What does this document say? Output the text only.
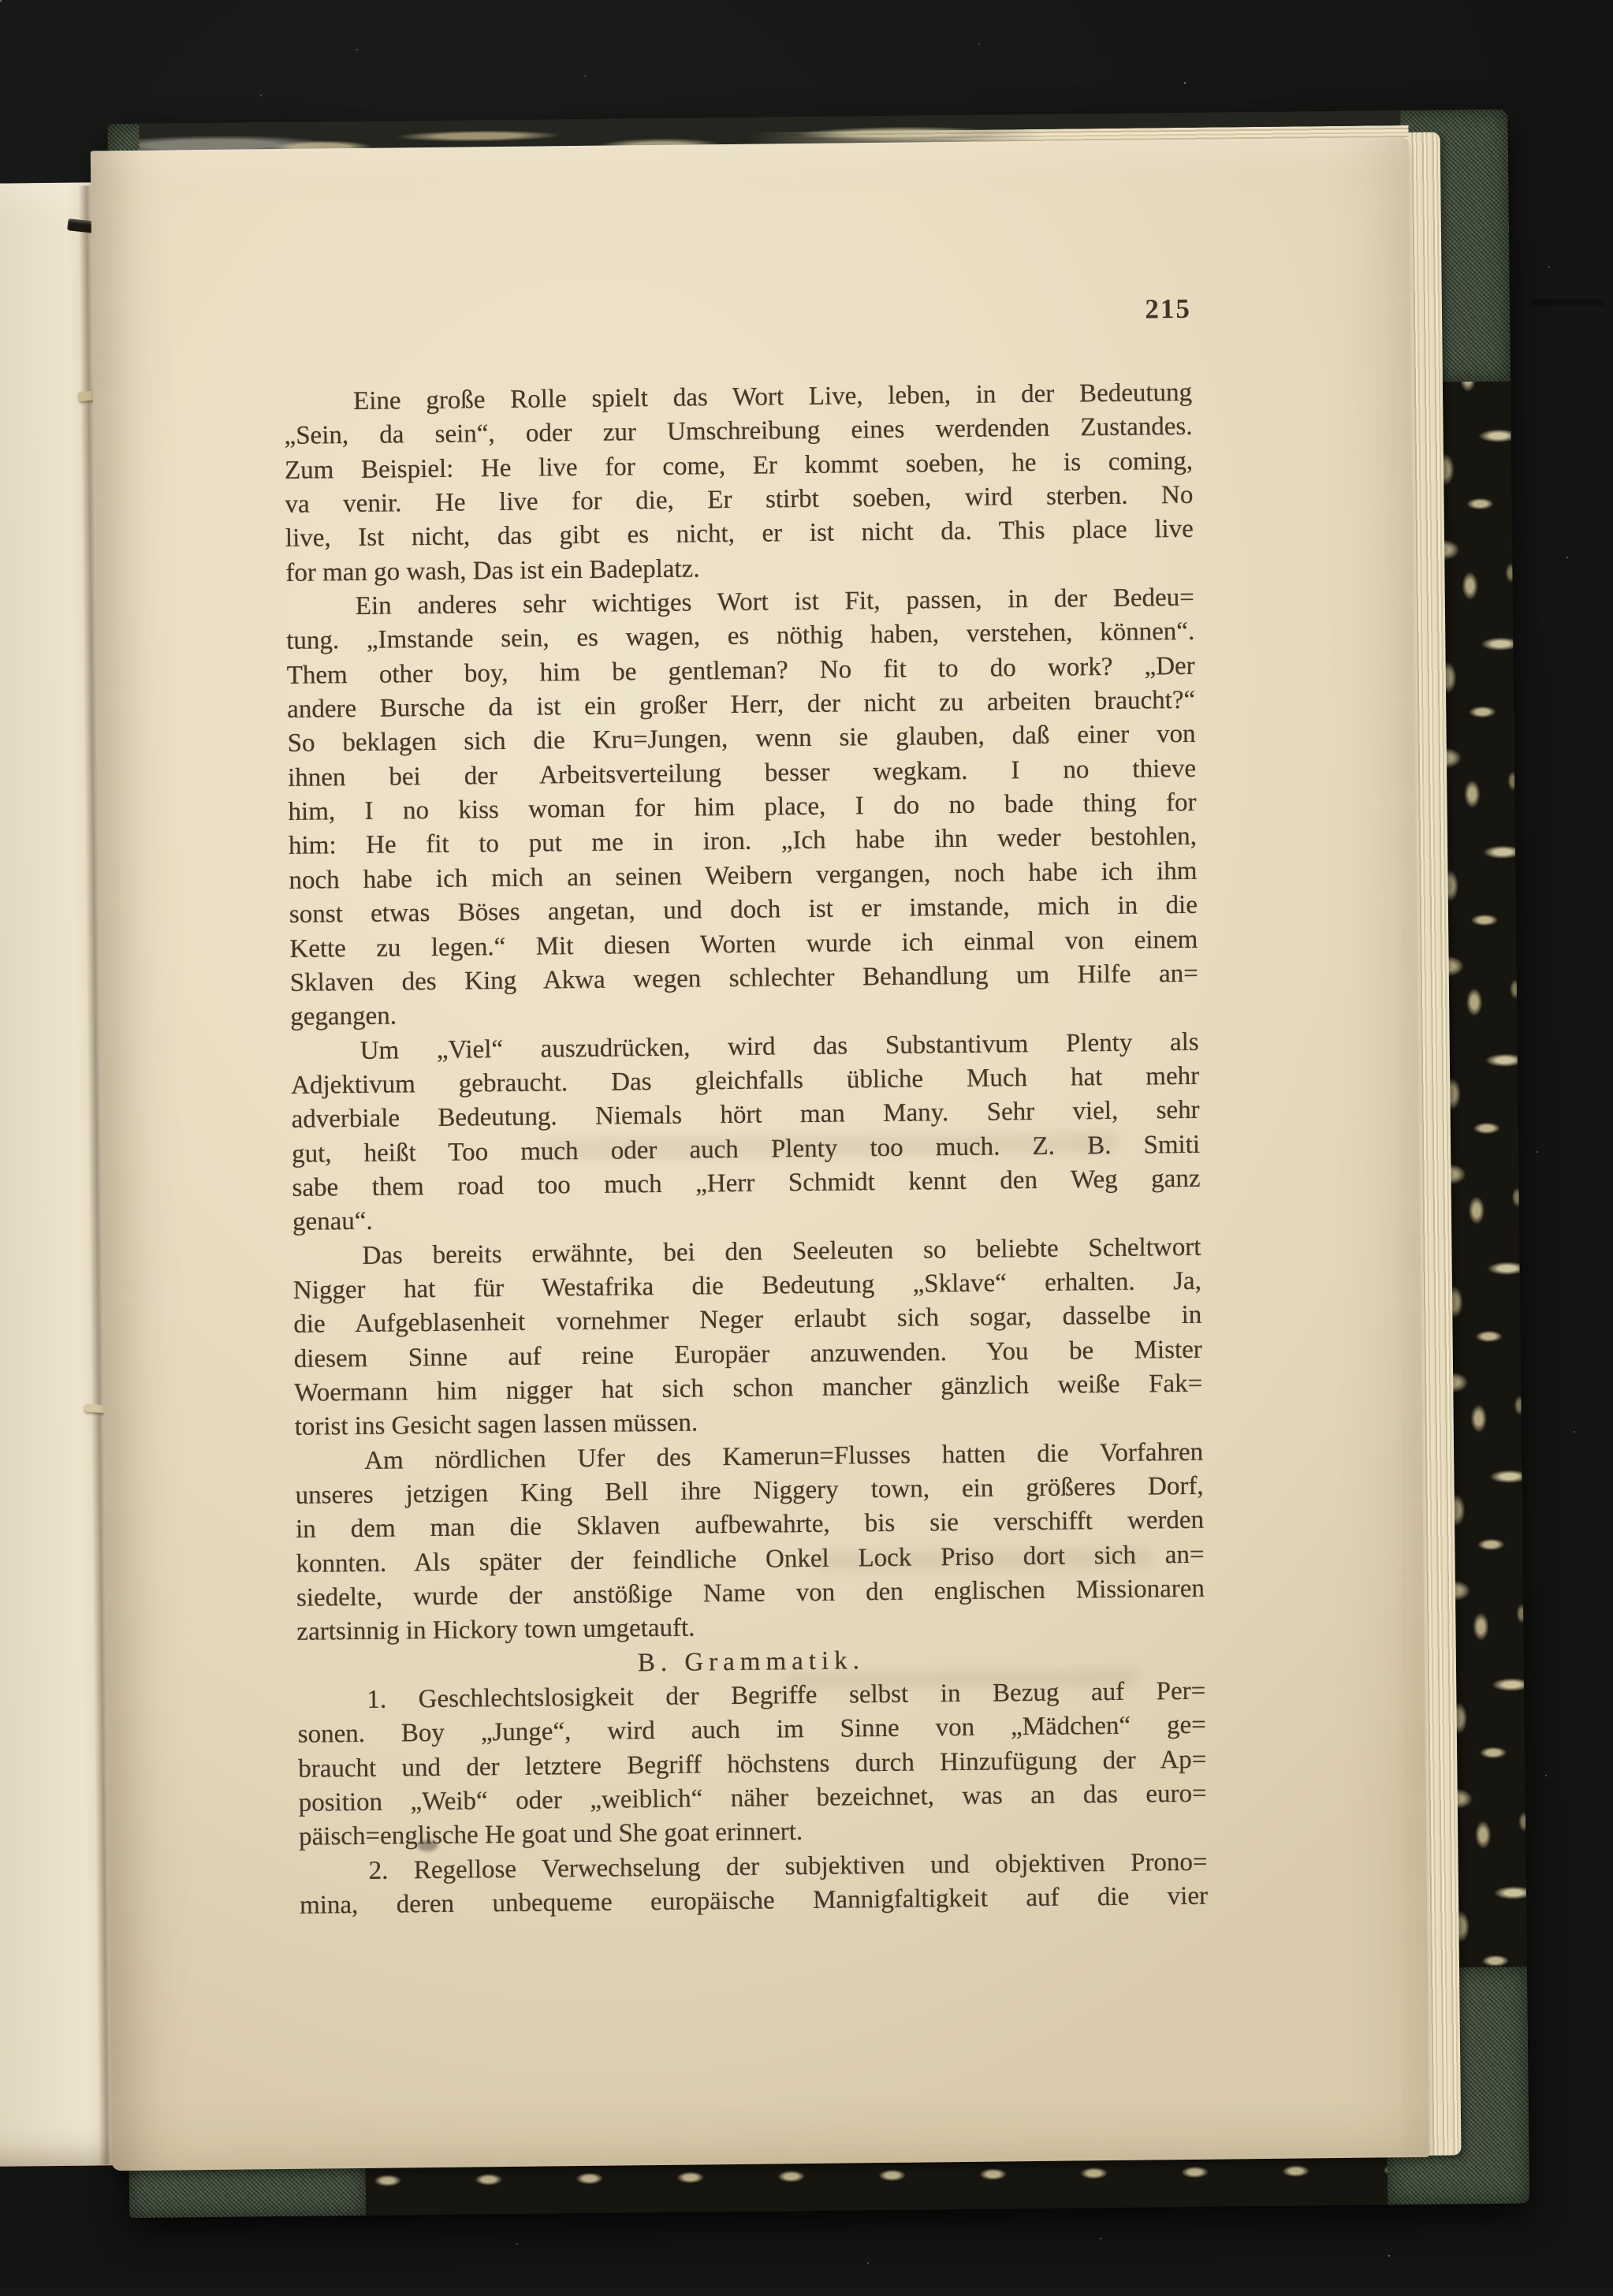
215
Eine große Rolle spielt das Wort Live, leben, in der Bedeutung
„Sein, da sein“, oder zur Umschreibung eines werdenden Zustandes.
Zum Beispiel: He live for come, Er kommt soeben, he is coming,
va venir. He live for die, Er stirbt soeben, wird sterben. No
live, Ist nicht, das gibt es nicht, er ist nicht da. This place live
for man go wash, Das ist ein Badeplatz.
Ein anderes sehr wichtiges Wort ist Fit, passen, in der Bedeu=
tung. „Imstande sein, es wagen, es nöthig haben, verstehen, können“.
Them other boy, him be gentleman? No fit to do work? „Der
andere Bursche da ist ein großer Herr, der nicht zu arbeiten braucht?“
So beklagen sich die Kru=Jungen, wenn sie glauben, daß einer von
ihnen bei der Arbeitsverteilung besser wegkam. I no thieve
him, I no kiss woman for him place, I do no bade thing for
him: He fit to put me in iron. „Ich habe ihn weder bestohlen,
noch habe ich mich an seinen Weibern vergangen, noch habe ich ihm
sonst etwas Böses angetan, und doch ist er imstande, mich in die
Kette zu legen.“ Mit diesen Worten wurde ich einmal von einem
Sklaven des King Akwa wegen schlechter Behandlung um Hilfe an=
gegangen.
Um „Viel“ auszudrücken, wird das Substantivum Plenty als
Adjektivum gebraucht. Das gleichfalls übliche Much hat mehr
adverbiale Bedeutung. Niemals hört man Many. Sehr viel, sehr
gut, heißt Too much oder auch Plenty too much. Z. B. Smiti
sabe them road too much „Herr Schmidt kennt den Weg ganz
genau“.
Das bereits erwähnte, bei den Seeleuten so beliebte Scheltwort
Nigger hat für Westafrika die Bedeutung „Sklave“ erhalten. Ja,
die Aufgeblasenheit vornehmer Neger erlaubt sich sogar, dasselbe in
diesem Sinne auf reine Europäer anzuwenden. You be Mister
Woermann him nigger hat sich schon mancher gänzlich weiße Fak=
torist ins Gesicht sagen lassen müssen.
Am nördlichen Ufer des Kamerun=Flusses hatten die Vorfahren
unseres jetzigen King Bell ihre Niggery town, ein größeres Dorf,
in dem man die Sklaven aufbewahrte, bis sie verschifft werden
konnten. Als später der feindliche Onkel Lock Priso dort sich an=
siedelte, wurde der anstößige Name von den englischen Missionaren
zartsinnig in Hickory town umgetauft.
B. Grammatik.
1. Geschlechtslosigkeit der Begriffe selbst in Bezug auf Per=
sonen. Boy „Junge“, wird auch im Sinne von „Mädchen“ ge=
braucht und der letztere Begriff höchstens durch Hinzufügung der Ap=
position „Weib“ oder „weiblich“ näher bezeichnet, was an das euro=
päisch=englische He goat und She goat erinnert.
2. Regellose Verwechselung der subjektiven und objektiven Prono=
mina, deren unbequeme europäische Mannigfaltigkeit auf die vier
